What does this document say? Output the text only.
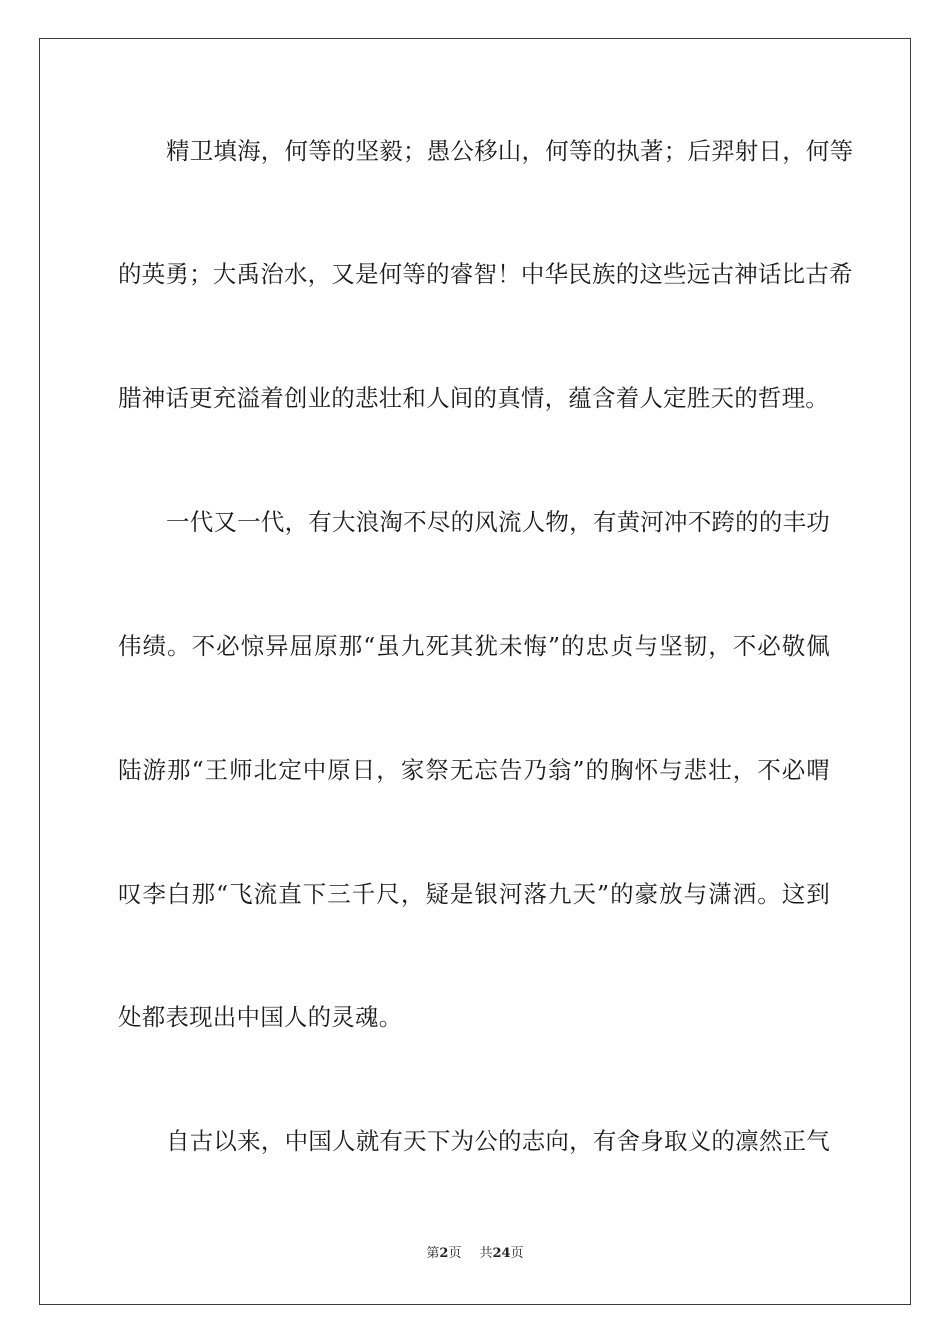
精卫填海，何等的坚毅；愚公移山，何等的执著；后羿射日，何等
的英勇；大禹治水，又是何等的睿智！中华民族的这些远古神话比古希
腊神话更充溢着创业的悲壮和人间的真情，蕴含着人定胜天的哲理。
一代又一代，有大浪淘不尽的风流人物，有黄河冲不跨的的丰功
伟绩。不必惊异屈原那“虽九死其犹未悔”的忠贞与坚韧，不必敬佩
陆游那“王师北定中原日，家祭无忘告乃翁”的胸怀与悲壮，不必喟
叹李白那“飞流直下三千尺，疑是银河落九天”的豪放与潇洒。这到
处都表现出中国人的灵魂。
自古以来，中国人就有天下为公的志向，有舍身取义的凛然正气
第2页 共24页
